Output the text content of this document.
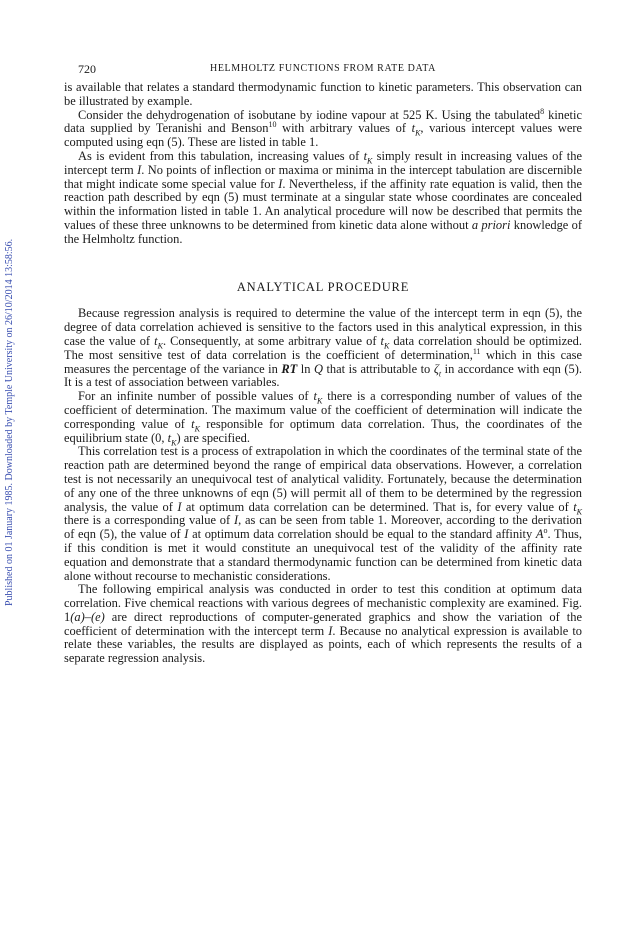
Published on 01 January 1985. Downloaded by Temple University on 26/10/2014 13:58:56.
720	HELMHOLTZ FUNCTIONS FROM RATE DATA

is available that relates a standard thermodynamic function to kinetic parameters. This observation can be illustrated by example.

Consider the dehydrogenation of isobutane by iodine vapour at 525 K. Using the tabulated$^8$ kinetic data supplied by Teranishi and Benson$^{10}$ with arbitrary values of $t_K$, various intercept values were computed using eqn (5). These are listed in table 1.

As is evident from this tabulation, increasing values of $t_K$ simply result in increasing values of the intercept term I. No points of inflection or maxima or minima in the intercept tabulation are discernible that might indicate some special value for I. Nevertheless, if the affinity rate equation is valid, then the reaction path described by eqn (5) must terminate at a singular state whose coordinates are concealed within the information listed in table 1. An analytical procedure will now be described that permits the values of these three unknowns to be determined from kinetic data alone without a priori knowledge of the Helmholtz function.

ANALYTICAL PROCEDURE

Because regression analysis is required to determine the value of the intercept term in eqn (5), the degree of data correlation achieved is sensitive to the factors used in this analytical expression, in this case the value of $t_K$. Consequently, at some arbitrary value of $t_K$ data correlation should be optimized. The most sensitive test of data correlation is the coefficient of determination,$^{11}$ which in this case measures the percentage of the variance in RT ln Q that is attributable to $\zeta_t$ in accordance with eqn (5). It is a test of association between variables.

For an infinite number of possible values of $t_K$ there is a corresponding number of values of the coefficient of determination. The maximum value of the coefficient of determination will indicate the corresponding value of $t_K$ responsible for optimum data correlation. Thus, the coordinates of the equilibrium state (0, $t_K$) are specified.

This correlation test is a process of extrapolation in which the coordinates of the terminal state of the reaction path are determined beyond the range of empirical data observations. However, a correlation test is not necessarily an unequivocal test of analytical validity. Fortunately, because the determination of any one of the three unknowns of eqn (5) will permit all of them to be determined by the regression analysis, the value of I at optimum data correlation can be determined. That is, for every value of $t_K$ there is a corresponding value of I, as can be seen from table 1. Moreover, according to the derivation of eqn (5), the value of I at optimum data correlation should be equal to the standard affinity $A^o$. Thus, if this condition is met it would constitute an unequivocal test of the validity of the affinity rate equation and demonstrate that a standard thermodynamic function can be determined from kinetic data alone without recourse to mechanistic considerations.

The following empirical analysis was conducted in order to test this condition at optimum data correlation. Five chemical reactions with various degrees of mechanistic complexity are examined. Fig. 1(a)–(e) are direct reproductions of computer-generated graphics and show the variation of the coefficient of determination with the intercept term I. Because no analytical expression is available to relate these variables, the results are displayed as points, each of which represents the results of a separate regression analysis.
